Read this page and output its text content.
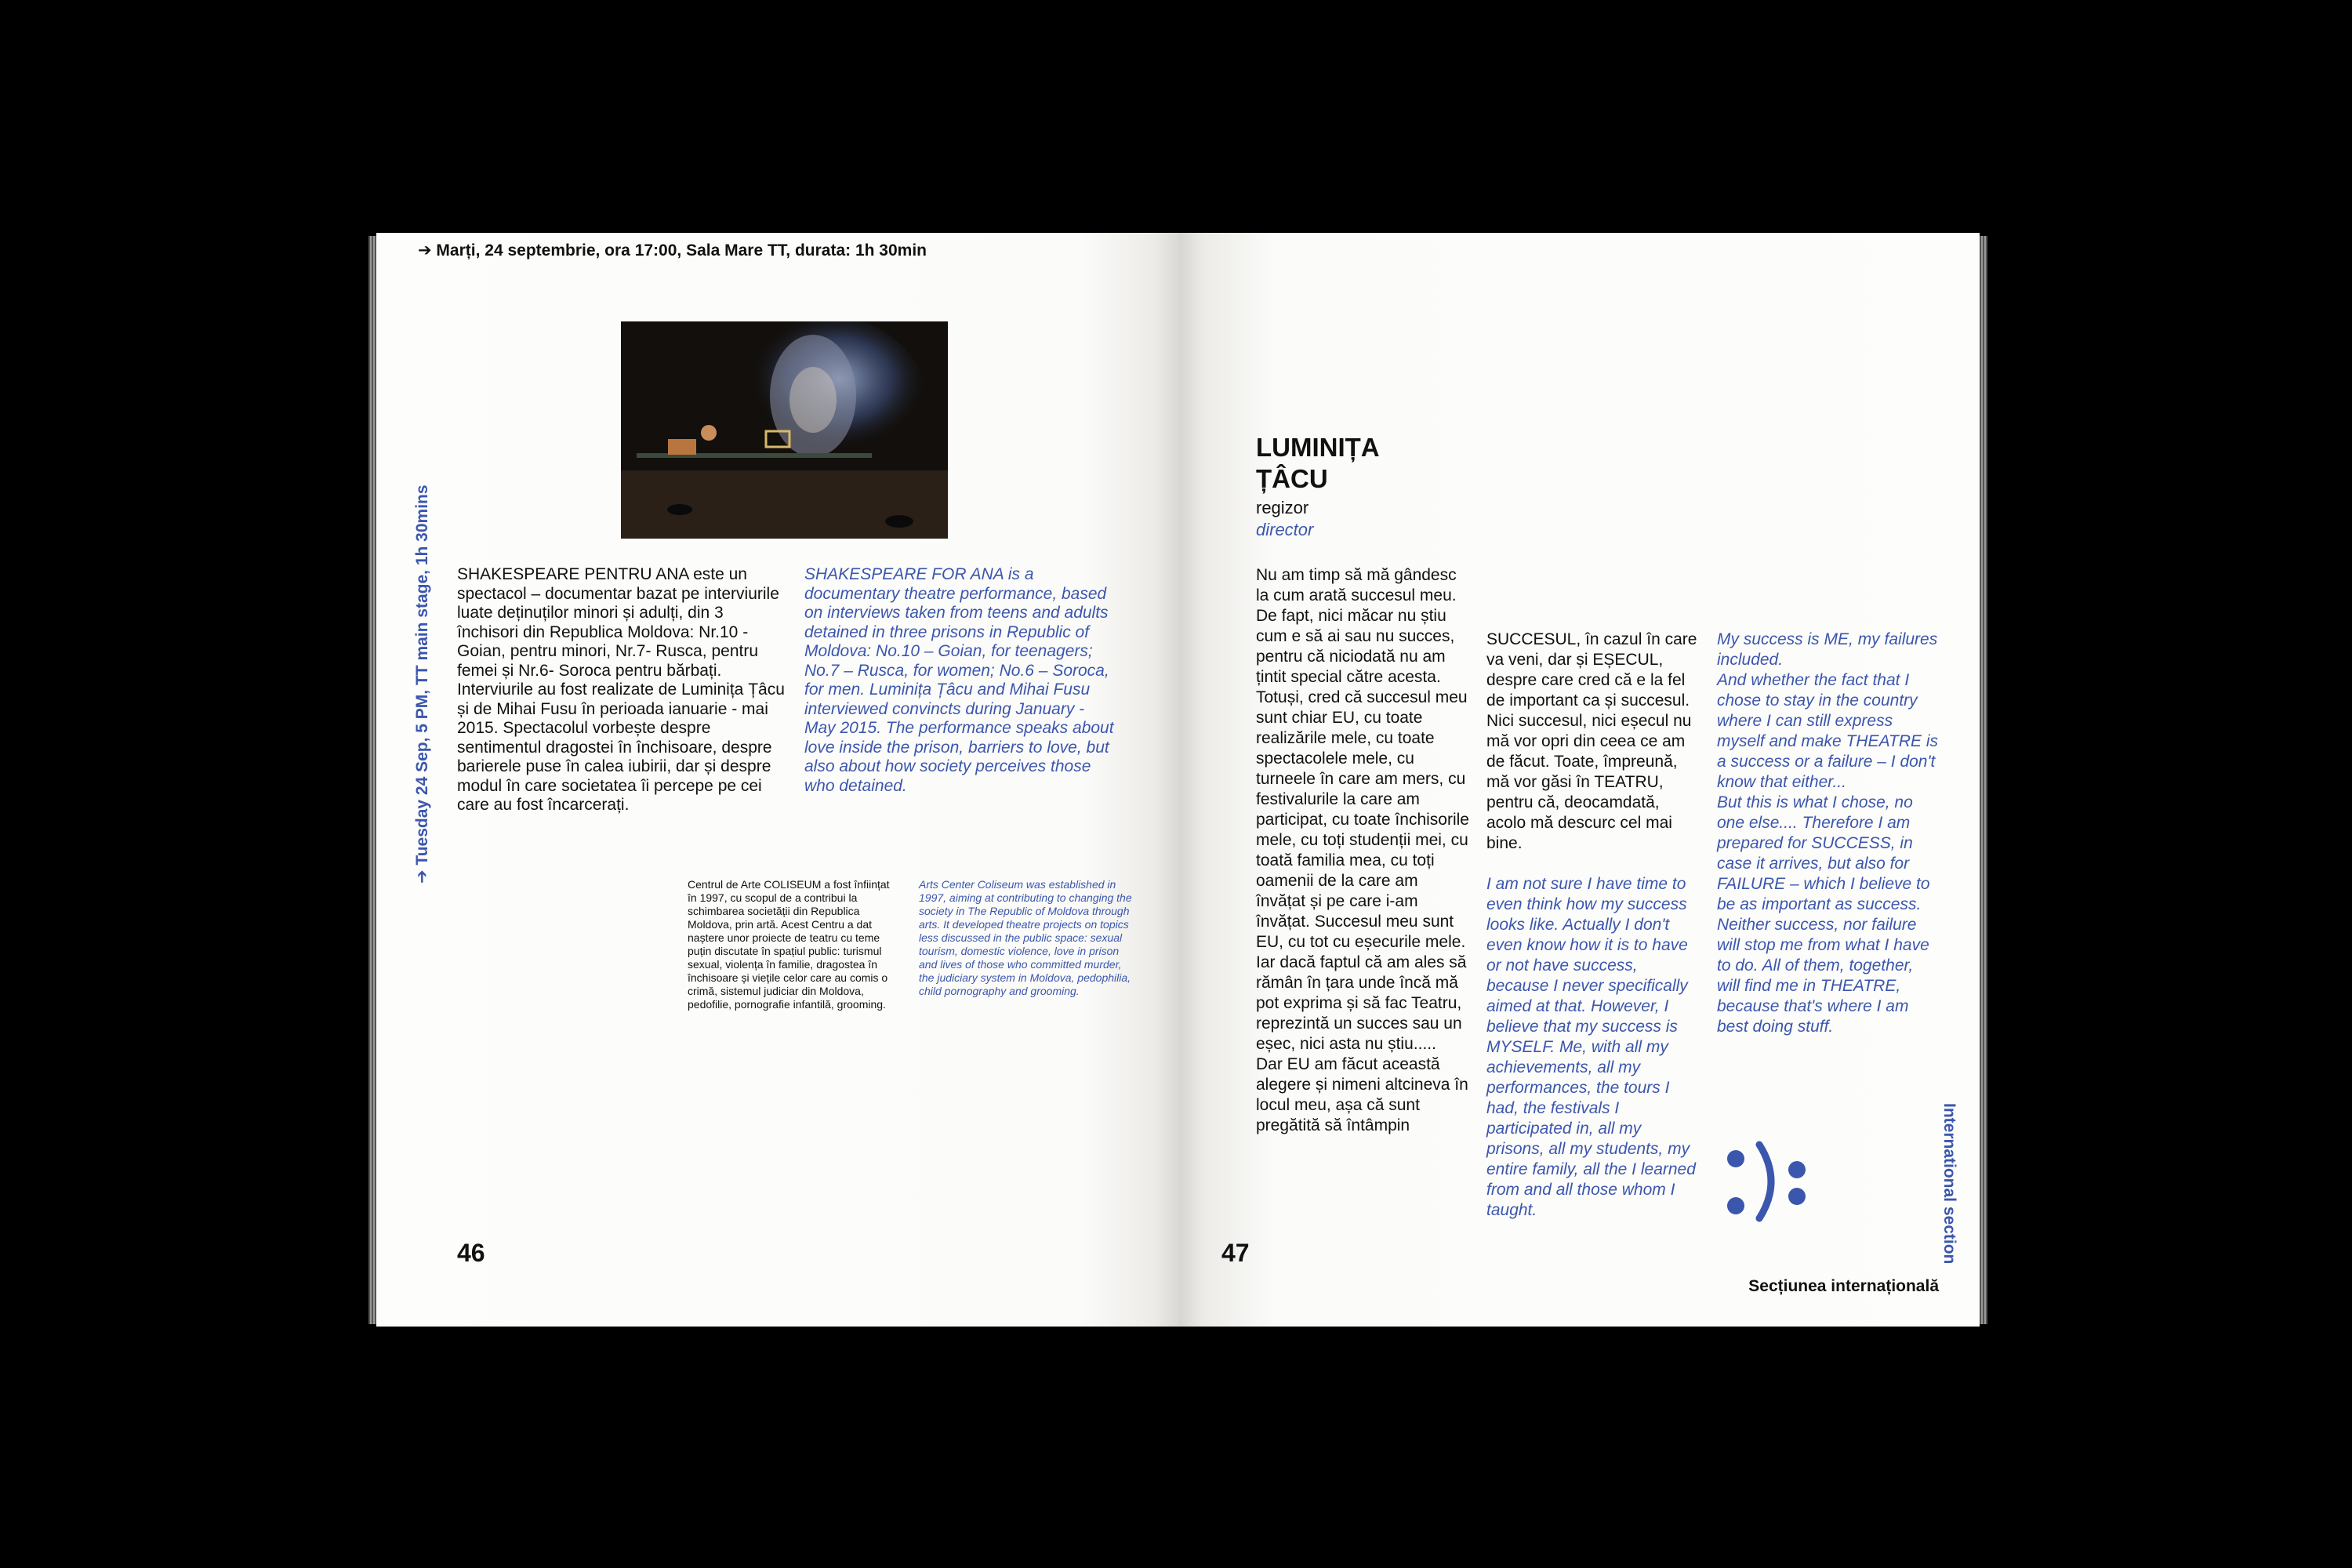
➔ Marți, 24 septembrie, ora 17:00, Sala Mare TT, durata: 1h 30min
➔ Tuesday 24 Sep, 5 PM, TT main stage, 1h 30mins SHAKESPEARE PENTRU ANA este un spectacol – documentar bazat pe interviurile luate deținuților minori și adulți, din 3 închisori din Republica Moldova: Nr.10 - Goian, pentru minori, Nr.7- Rusca, pentru femei și Nr.6- Soroca pentru bărbați. Interviurile au fost realizate de Luminița Țâcu și de Mihai Fusu în perioada ianuarie - mai 2015. Spectacolul vorbește despre sentimentul dragostei în închisoare, despre barierele puse în calea iubirii, dar și despre modul în care societatea îi percepe pe cei care au fost încarcerați.
SHAKESPEARE FOR ANA is a documentary theatre performance, based on interviews taken from teens and adults detained in three prisons in Republic of Moldova: No.10 – Goian, for teenagers; No.7 – Rusca, for women; No.6 – Soroca, for men. Luminița Țâcu and Mihai Fusu interviewed convincts during January - May 2015. The performance speaks about love inside the prison, barriers to love, but also about how society perceives those who detained.
Centrul de Arte COLISEUM a fost înființat în 1997, cu scopul de a contribui la schimbarea societății din Republica Moldova, prin artă. Acest Centru a dat naștere unor proiecte de teatru cu teme puțin discutate în spațiul public: turismul sexual, violența în familie, dragostea în închisoare și viețile celor care au comis o crimă, sistemul judiciar din Moldova, pedofilie, pornografie infantilă, grooming.
Arts Center Coliseum was established in 1997, aiming at contributing to changing the society in The Republic of Moldova through arts. It developed theatre projects on topics less discussed in the public space: sexual tourism, domestic violence, love in prison and lives of those who committed murder, the judiciary system in Moldova, pedophilia, child pornography and grooming.
46
LUMINIȚA
ȚÂCU
regizor
director
Nu am timp să mă gândesc la cum arată succesul meu. De fapt, nici măcar nu știu cum e să ai sau nu succes, pentru că niciodată nu am țintit special către acesta. Totuși, cred că succesul meu sunt chiar EU, cu toate realizările mele, cu toate spectacolele mele, cu turneele în care am mers, cu festivalurile la care am participat, cu toate închisorile mele, cu toți studenții mei, cu toată familia mea, cu toți oamenii de la care am învățat și pe care i-am învățat. Succesul meu sunt EU, cu tot cu eșecurile mele.
Iar dacă faptul că am ales să rămân în țara unde încă mă pot exprima și să fac Teatru, reprezintă un succes sau un eșec, nici asta nu știu.....
Dar EU am făcut această alegere și nimeni altcineva în locul meu, așa că sunt pregătită să întâmpin
SUCCESUL, în cazul în care va veni, dar și EȘECUL, despre care cred că e la fel de important ca și succesul. Nici succesul, nici eșecul nu mă vor opri din ceea ce am de făcut. Toate, împreună, mă vor găsi în TEATRU, pentru că, deocamdată, acolo mă descurc cel mai bine.
I am not sure I have time to even think how my success looks like. Actually I don't even know how it is to have or not have success, because I never specifically aimed at that. However, I believe that my success is MYSELF. Me, with all my achievements, all my performances, the tours I had, the festivals I participated in, all my prisons, all my students, my entire family, all the I learned from and all those whom I taught.
My success is ME, my failures included.
And whether the fact that I chose to stay in the country where I can still express myself and make THEATRE is a success or a failure – I don't know that either...
But this is what I chose, no one else.... Therefore I am prepared for SUCCESS, in case it arrives, but also for FAILURE – which I believe to be as important as success. Neither success, nor failure will stop me from what I have to do. All of them, together, will find me in THEATRE, because that's where I am best doing stuff.
International section
47
Secțiunea internațională
